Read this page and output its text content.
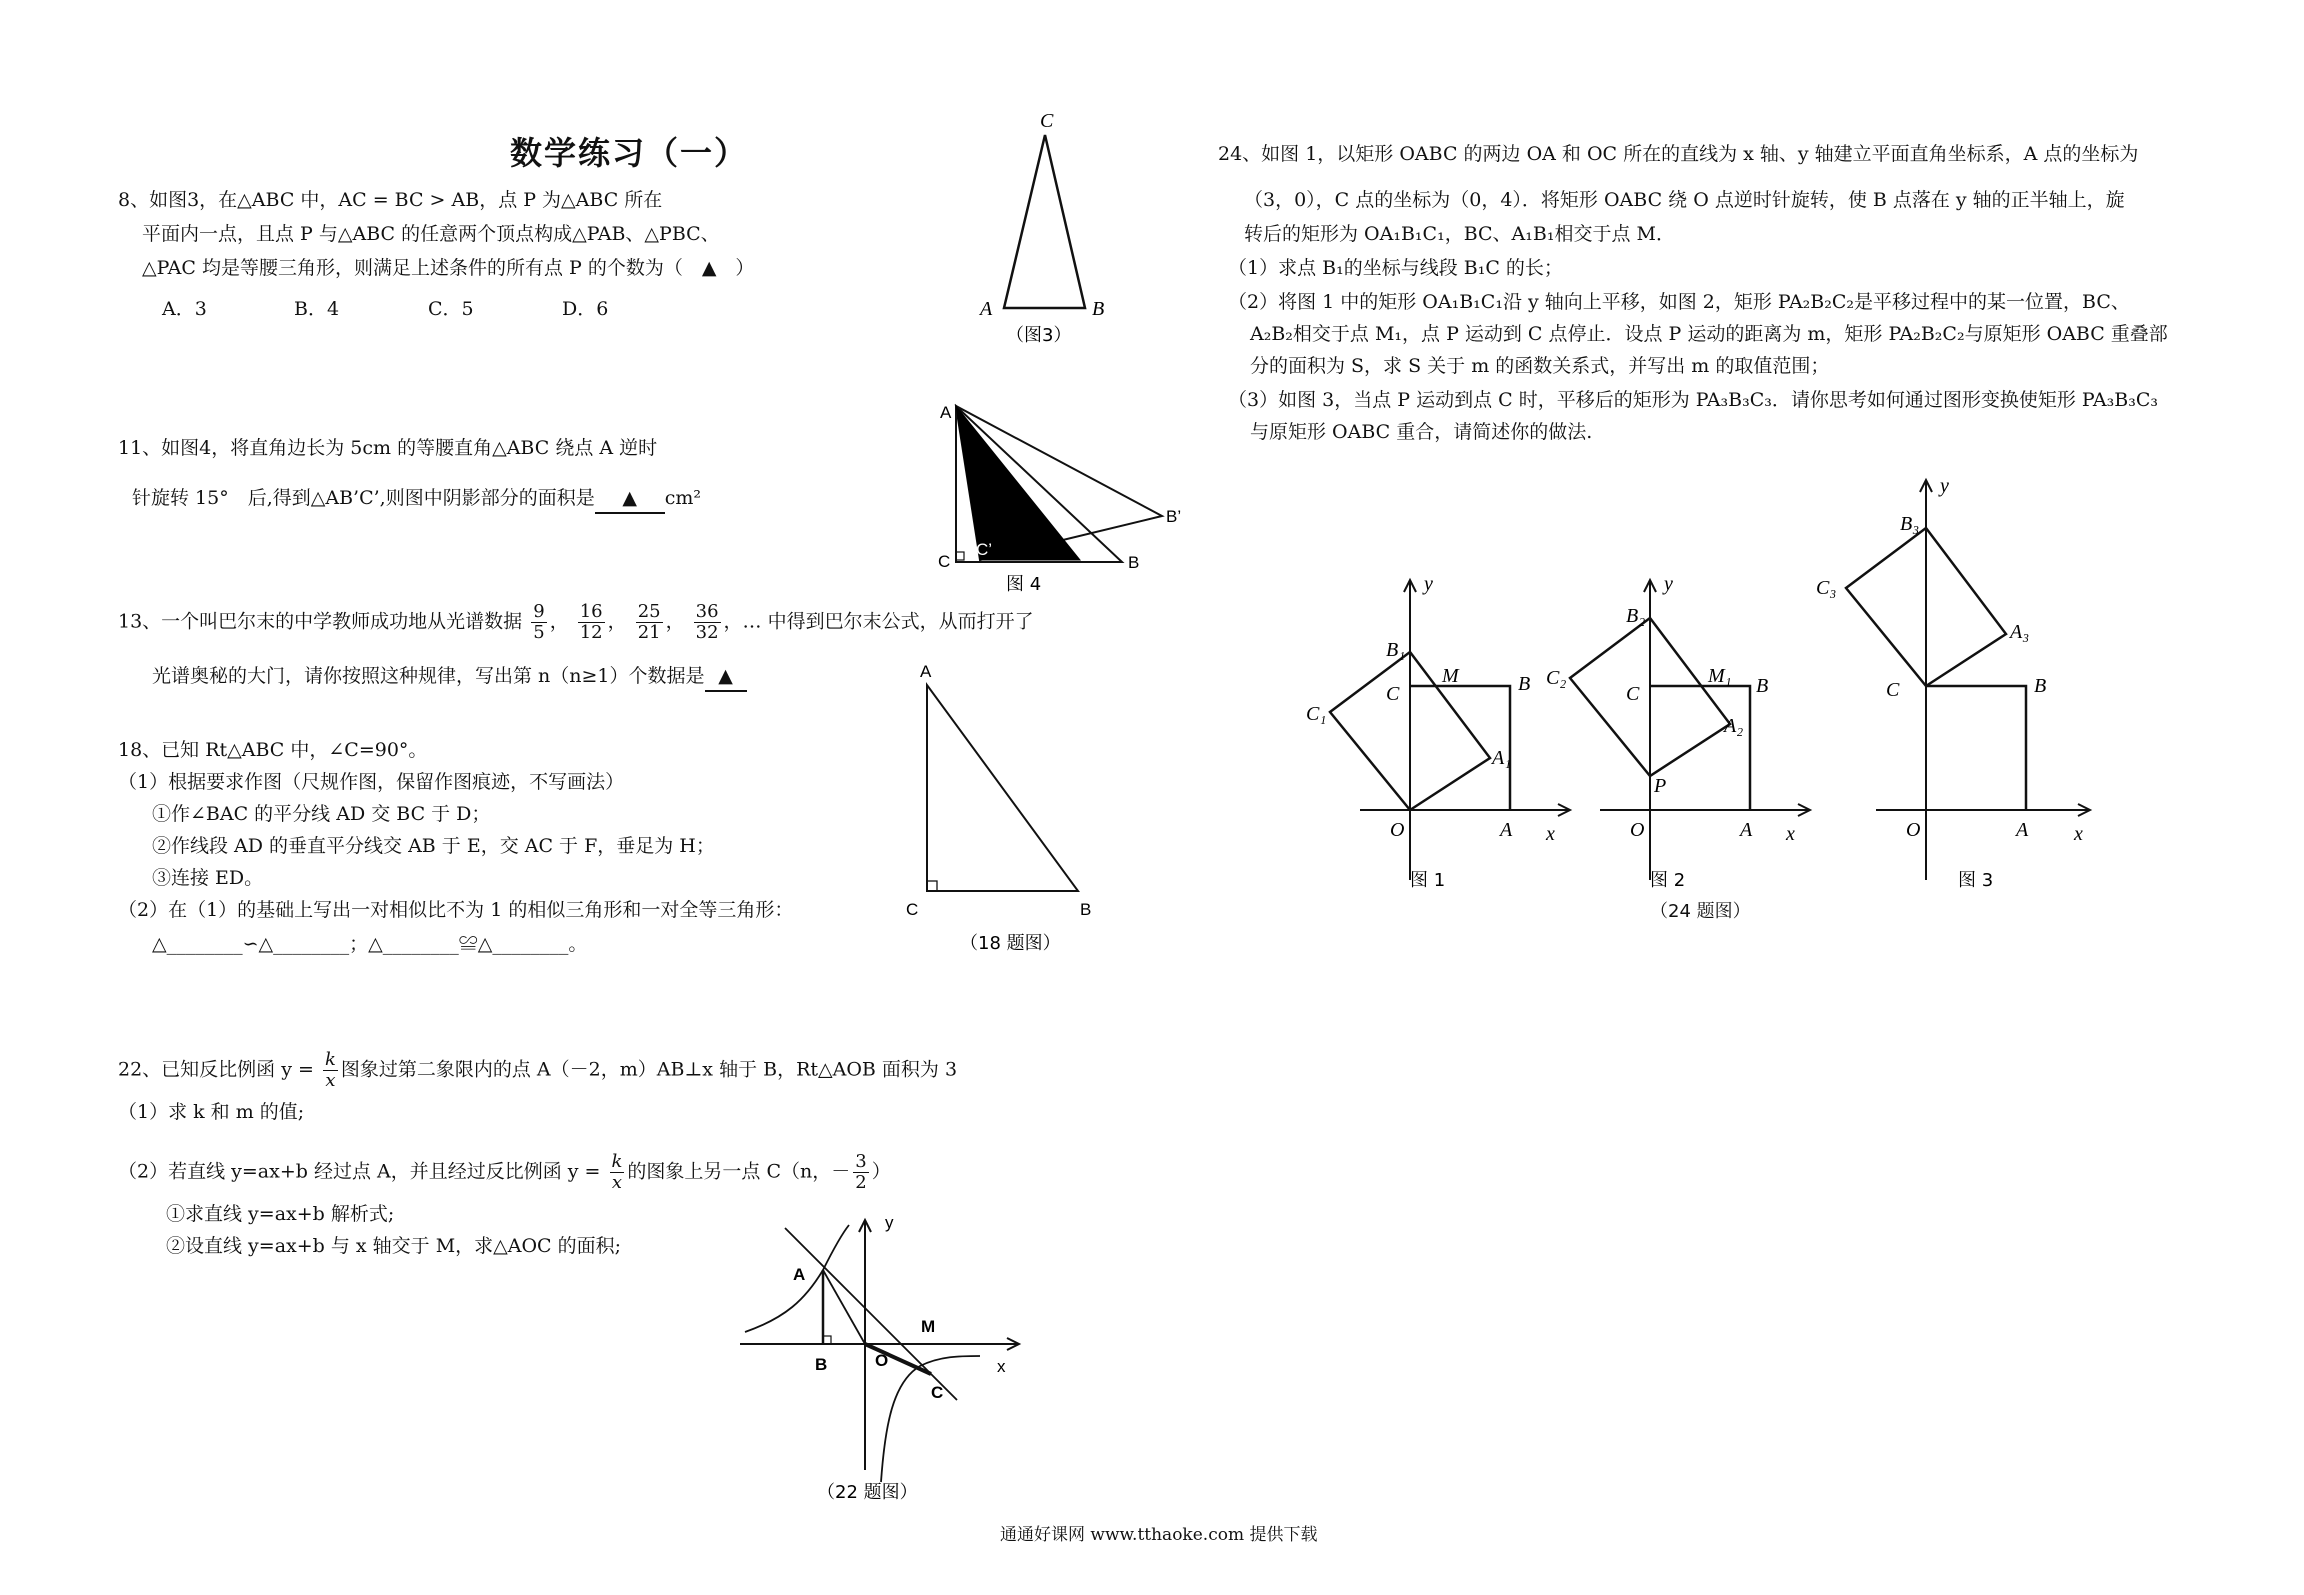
数学练习（一）
8、如图3，在△ABC 中，AC = BC > AB，点 P 为△ABC 所在
平面内一点，且点 P 与△ABC 的任意两个顶点构成△PAB、△PBC、
△PAC 均是等腰三角形，则满足上述条件的所有点 P 的个数为（　▲　）
A．3	B．4	C．5	D．6
C
A	B
（图3）
11、如图4，将直角边长为 5cm 的等腰直角△ABC 绕点 A 逆时
针旋转 15°　后,得到△AB’C’,则图中阴影部分的面积是 ▲ cm²
A
C
C’
B
B’
图 4
13、一个叫巴尔末的中学教师成功地从光谱数据 $\frac{9}{5}$ ， $\frac{16}{12}$ ， $\frac{25}{21}$ ， $\frac{36}{32}$ ，… 中得到巴尔末公式，从而打开了
光谱奥秘的大门，请你按照这种规律，写出第 n（n≥1）个数据是 ▲
18、已知 Rt△ABC 中，∠C=90°。
（1）根据要求作图（尺规作图，保留作图痕迹，不写画法）
①作∠BAC 的平分线 AD 交 BC 于 D；
②作线段 AD 的垂直平分线交 AB 于 E，交 AC 于 F，垂足为 H；
③连接 ED。
（2）在（1）的基础上写出一对相似比不为 1 的相似三角形和一对全等三角形：
△________∽△________；△________≌△________。
A
C	B
（18 题图）
22、已知反比例函 $y = \frac{k}{x}$ 图象过第二象限内的点 A（－2，m）AB⊥x 轴于 B，Rt△AOB 面积为 3
（1）求 k 和 m 的值;
（2）若直线 y=ax+b 经过点 A，并且经过反比例函 $y = \frac{k}{x}$ 的图象上另一点 C（n，－ $\frac{3}{2}$ ）
①求直线 y=ax+b 解析式;
②设直线 y=ax+b 与 x 轴交于 M，求△AOC 的面积;
A
B	O
C
M
x
y
（22 题图）
24、如图 1，以矩形 OABC 的两边 OA 和 OC 所在的直线为 x 轴、y 轴建立平面直角坐标系，A 点的坐标为
（3，0），C 点的坐标为（0，4）．将矩形 OABC 绕 O 点逆时针旋转，使 B 点落在 y 轴的正半轴上，旋
转后的矩形为 OA₁B₁C₁，BC、A₁B₁相交于点 M．
（1）求点 B₁的坐标与线段 B₁C 的长；
（2）将图 1 中的矩形 OA₁B₁C₁沿 y 轴向上平移，如图 2，矩形 PA₂B₂C₂是平移过程中的某一位置，BC、
A₂B₂相交于点 M₁，点 P 运动到 C 点停止．设点 P 运动的距离为 m，矩形 PA₂B₂C₂与原矩形 OABC 重叠部
分的面积为 S，求 S 关于 m 的函数关系式，并写出 m 的取值范围；
（3）如图 3，当点 P 运动到点 C 时，平移后的矩形为 PA₃B₃C₃．请你思考如何通过图形变换使矩形 PA₃B₃C₃
与原矩形 OABC 重合，请简述你的做法.
y
x
O	A
B
C
M
B₁
C₁
A₁
图 1
y
x
O	A
B
C
M₁
B₂
C₂
A₂
P
图 2
y
x
O	A
B
C
B₃
C₃
A₃
图 3
（24 题图）
通通好课网 www.tthaoke.com 提供下载
